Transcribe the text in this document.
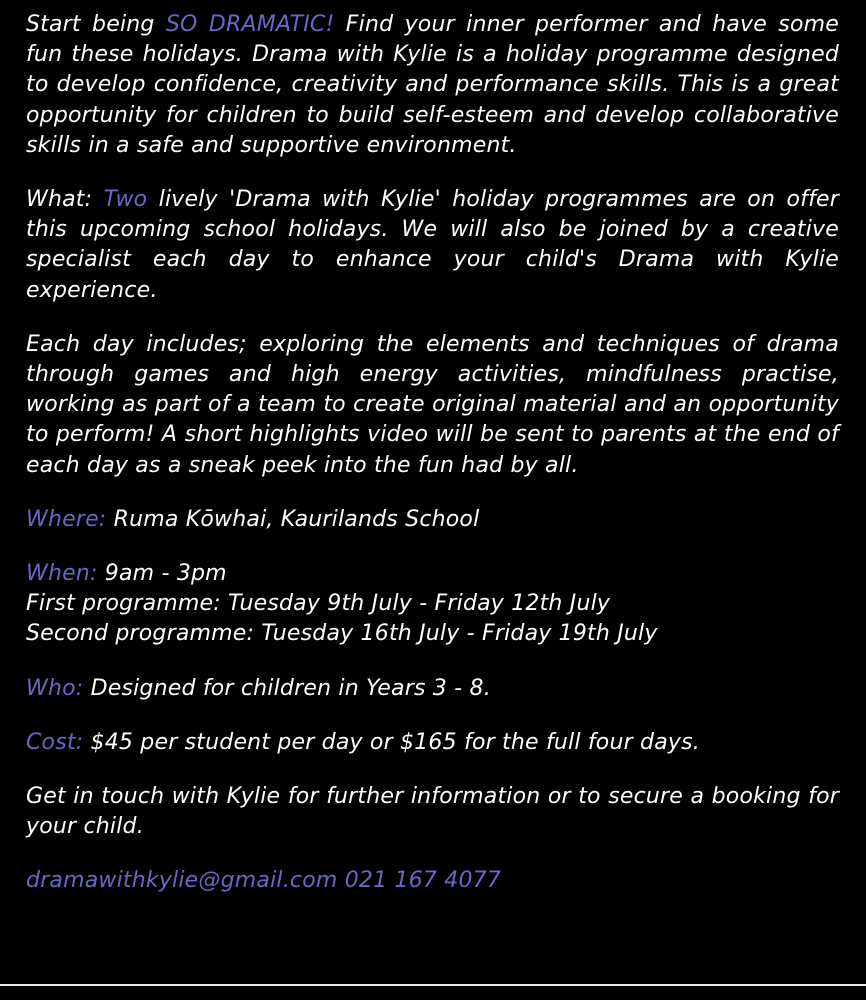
Start being SO DRAMATIC! Find your inner performer and have some fun these holidays. Drama with Kylie is a holiday programme designed to develop confidence, creativity and performance skills. This is a great opportunity for children to build self-esteem and develop collaborative skills in a safe and supportive environment.

What: Two lively 'Drama with Kylie' holiday programmes are on offer this upcoming school holidays. We will also be joined by a creative specialist each day to enhance your child's Drama with Kylie experience.

Each day includes; exploring the elements and techniques of drama through games and high energy activities, mindfulness practise, working as part of a team to create original material and an opportunity to perform! A short highlights video will be sent to parents at the end of each day as a sneak peek into the fun had by all.

Where: Ruma Kōwhai, Kaurilands School

When: 9am - 3pm
First programme: Tuesday 9th July - Friday 12th July
Second programme: Tuesday 16th July - Friday 19th July

Who: Designed for children in Years 3 - 8.

Cost: $45 per student per day or $165 for the full four days.

Get in touch with Kylie for further information or to secure a booking for your child.

dramawithkylie@gmail.com 021 167 4077
